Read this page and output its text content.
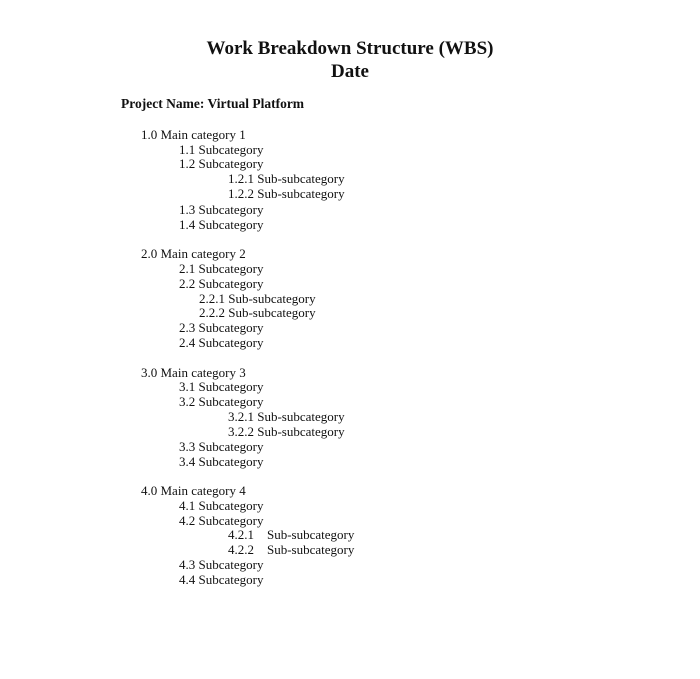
Work Breakdown Structure (WBS)
Date

Project Name: Virtual Platform

1.0 Main category 1
1.1 Subcategory
1.2 Subcategory
1.2.1 Sub-subcategory
1.2.2 Sub-subcategory
1.3 Subcategory
1.4 Subcategory
2.0 Main category 2
2.1 Subcategory
2.2 Subcategory
2.2.1 Sub-subcategory
2.2.2 Sub-subcategory
2.3 Subcategory
2.4 Subcategory
3.0 Main category 3
3.1 Subcategory
3.2 Subcategory
3.2.1 Sub-subcategory
3.2.2 Sub-subcategory
3.3 Subcategory
3.4 Subcategory
4.0 Main category 4
4.1 Subcategory
4.2 Subcategory
4.2.1    Sub-subcategory
4.2.2    Sub-subcategory
4.3 Subcategory
4.4 Subcategory
